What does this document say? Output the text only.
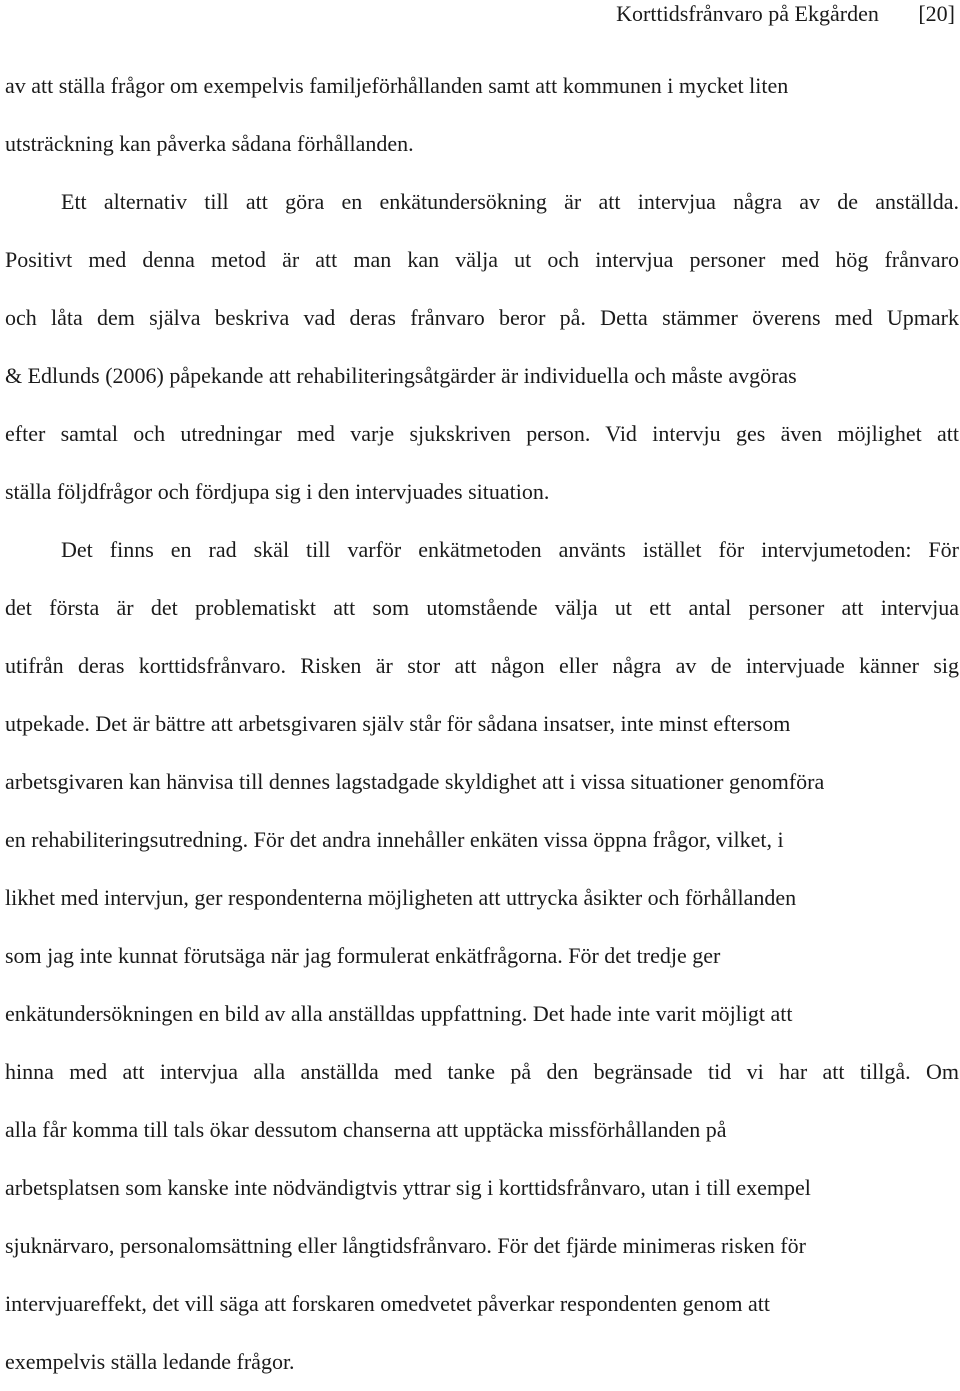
Korttidsfrånvaro på Ekgården [20]
av att ställa frågor om exempelvis familjeförhållanden samt att kommunen i mycket liten
utsträckning kan påverka sådana förhållanden.
Ett alternativ till att göra en enkätundersökning är att intervjua några av de anställda.
Positivt med denna metod är att man kan välja ut och intervjua personer med hög frånvaro
och låta dem själva beskriva vad deras frånvaro beror på. Detta stämmer överens med Upmark
& Edlunds (2006) påpekande att rehabiliteringsåtgärder är individuella och måste avgöras
efter samtal och utredningar med varje sjukskriven person. Vid intervju ges även möjlighet att
ställa följdfrågor och fördjupa sig i den intervjuades situation.
Det finns en rad skäl till varför enkätmetoden använts istället för intervjumetoden: För
det första är det problematiskt att som utomstående välja ut ett antal personer att intervjua
utifrån deras korttidsfrånvaro. Risken är stor att någon eller några av de intervjuade känner sig
utpekade. Det är bättre att arbetsgivaren själv står för sådana insatser, inte minst eftersom
arbetsgivaren kan hänvisa till dennes lagstadgade skyldighet att i vissa situationer genomföra
en rehabiliteringsutredning. För det andra innehåller enkäten vissa öppna frågor, vilket, i
likhet med intervjun, ger respondenterna möjligheten att uttrycka åsikter och förhållanden
som jag inte kunnat förutsäga när jag formulerat enkätfrågorna. För det tredje ger
enkätundersökningen en bild av alla anställdas uppfattning. Det hade inte varit möjligt att
hinna med att intervjua alla anställda med tanke på den begränsade tid vi har att tillgå. Om
alla får komma till tals ökar dessutom chanserna att upptäcka missförhållanden på
arbetsplatsen som kanske inte nödvändigtvis yttrar sig i korttidsfrånvaro, utan i till exempel
sjuknärvaro, personalomsättning eller långtidsfrånvaro. För det fjärde minimeras risken för
intervjuareffekt, det vill säga att forskaren omedvetet påverkar respondenten genom att
exempelvis ställa ledande frågor.
